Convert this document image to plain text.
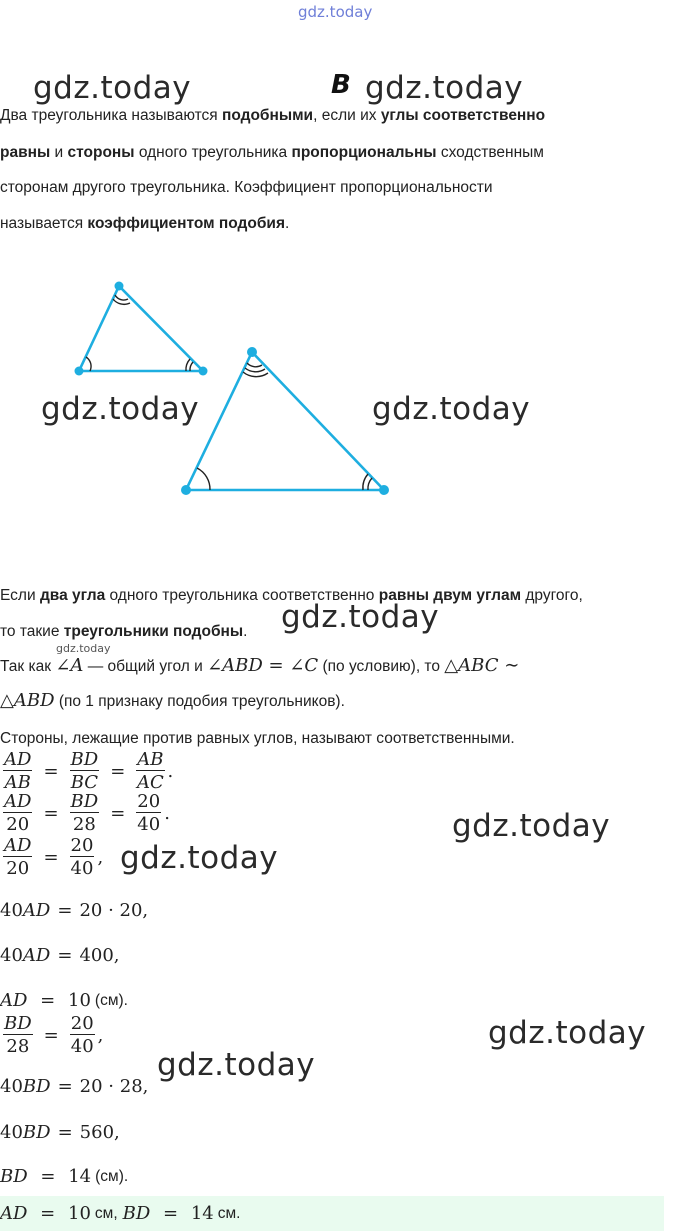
gdz.today
gdz.today	B gdz.today
Два треугольника называются подобными, если их углы соответственно
равны и стороны одного треугольника пропорциональны сходственным
сторонам другого треугольника. Коэффициент пропорциональности
называется коэффициентом подобия.
gdz.today	gdz.today
Если два угла одного треугольника соответственно равны двум углам другого,
то такие треугольники подобны. gdz.today
gdz.today
Так как ∠A — общий угол и ∠ABD = ∠C (по условию), то △ABC ∼
△ABD (по 1 признаку подобия треугольников).
Стороны, лежащие против равных углов, называют соответственными.
$\frac{AD}{AB} = \frac{BD}{BC} = \frac{AB}{AC}$ .
$\frac{AD}{20} = \frac{BD}{28} = \frac{20}{40}$ .	gdz.today
$\frac{AD}{20} = \frac{20}{40}$ , gdz.today
40 AD = 20 · 20,
40 AD = 400,
AD = 10 (см).
$\frac{BD}{28} = \frac{20}{40}$ ,	gdz.today
gdz.today
40 BD = 20 · 28,
40 BD = 560,
BD = 14 (см).
AD = 10 см, BD = 14 см.
